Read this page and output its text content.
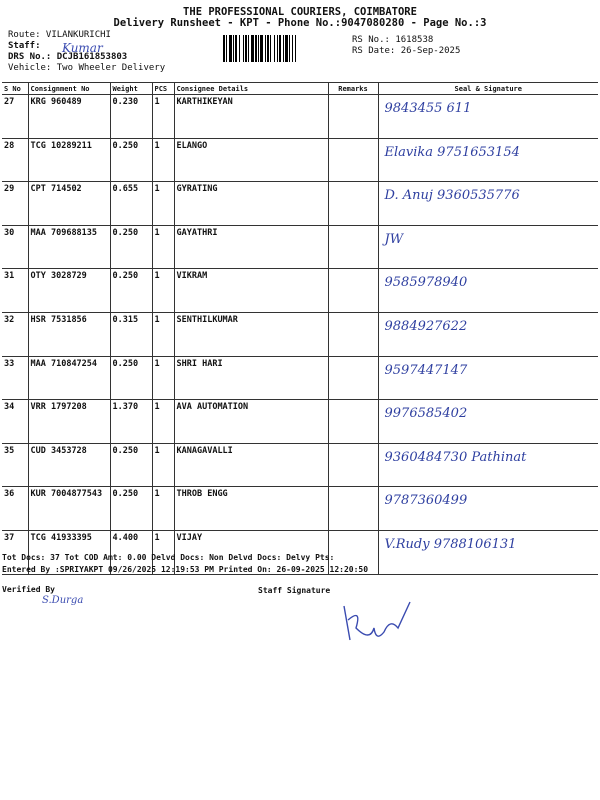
THE PROFESSIONAL COURIERS, COIMBATORE
Delivery Runsheet - KPT - Phone No.:9047080280 - Page No.:3
Route: VILANKURICHI
Staff:
DRS No.: DCJB161853803
Vehicle: Two Wheeler Delivery
Kumar
RS No.: 1618538
RS Date: 26-Sep-2025
S No	Consignment No	Weight	PCS	Consignee Details	Remarks	Seal & Signature
27	KRG 960489	0.230	1	KARTHIKEYAN		9843455 611

28	TCG 10289211	0.250	1	ELANGO		Elavika 9751653154

29	CPT 714502	0.655	1	GYRATING		D. Anuj 9360535776

30	MAA 709688135	0.250	1	GAYATHRI		JW

31	OTY 3028729	0.250	1	VIKRAM		9585978940

32	HSR 7531856	0.315	1	SENTHILKUMAR		9884927622

33	MAA 710847254	0.250	1	SHRI HARI		9597447147

34	VRR 1797208	1.370	1	AVA AUTOMATION		9976585402

35	CUD 3453728	0.250	1	KANAGAVALLI		9360484730 Pathinat

36	KUR 7004877543	0.250	1	THROB ENGG		9787360499

37	TCG 41933395	4.400	1	VIJAY		V.Rudy 9788106131
Tot Docs: 37 Tot COD Amt: 0.00 Delvd Docs: Non Delvd Docs: Delvy Pts:
Entered By :SPRIYAKPT 09/26/2025 12:19:53 PM Printed On: 26-09-2025 12:20:50
Verified By
S.Durga
Staff Signature
